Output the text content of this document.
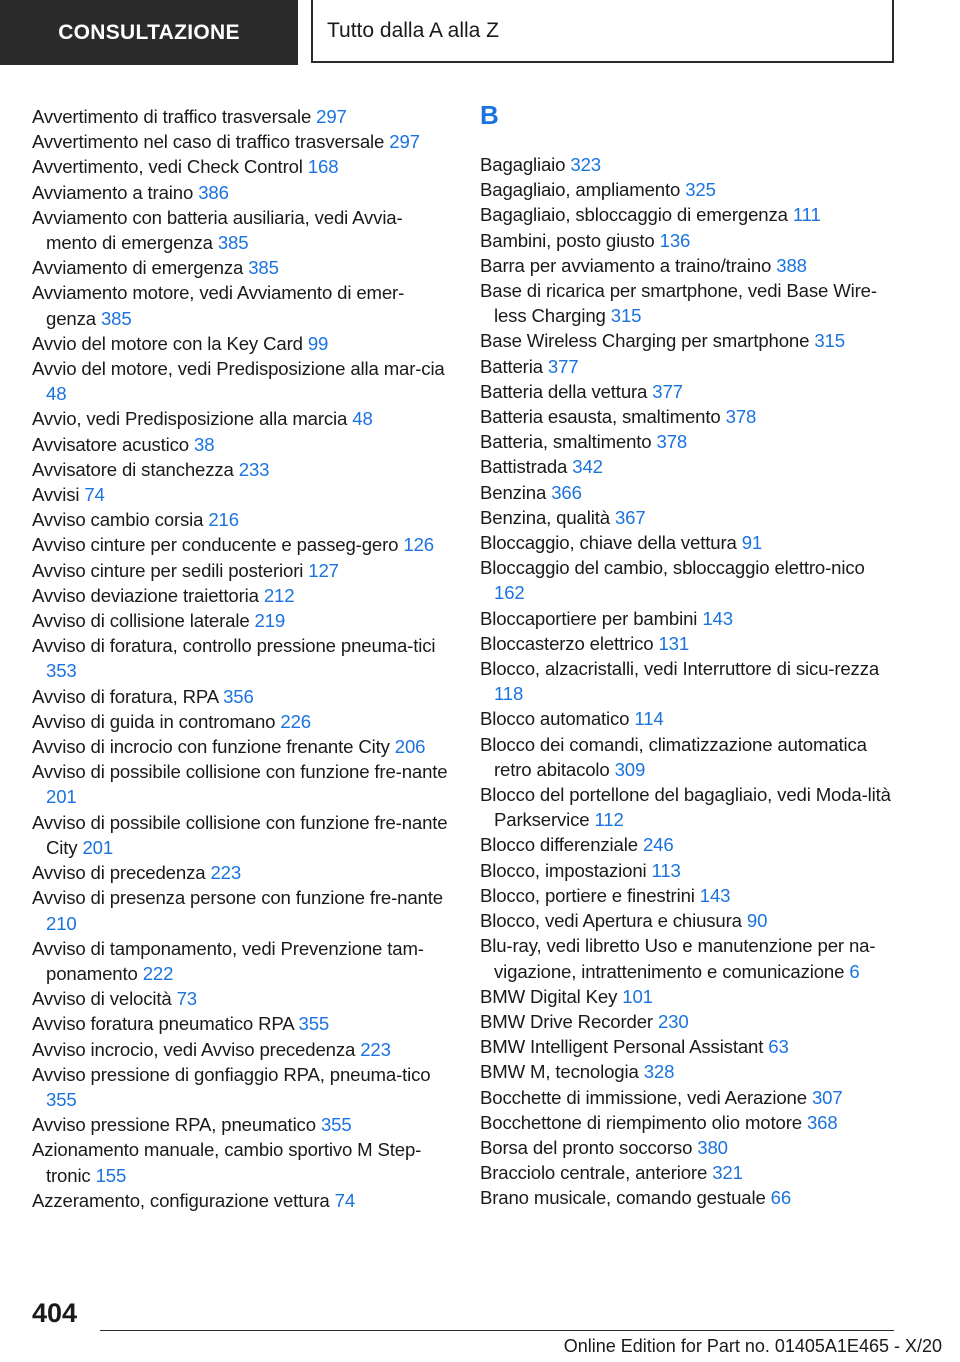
CONSULTAZIONE	Tutto dalla A alla Z
Avvertimento di traffico trasversale 297
Avvertimento nel caso di traffico trasversale 297
Avvertimento, vedi Check Control 168
Avviamento a traino 386
Avviamento con batteria ausiliaria, vedi Avvia-mento di emergenza 385
Avviamento di emergenza 385
Avviamento motore, vedi Avviamento di emer-genza 385
Avvio del motore con la Key Card 99
Avvio del motore, vedi Predisposizione alla mar-cia 48
Avvio, vedi Predisposizione alla marcia 48
Avvisatore acustico 38
Avvisatore di stanchezza 233
Avvisi 74
Avviso cambio corsia 216
Avviso cinture per conducente e passeg-gero 126
Avviso cinture per sedili posteriori 127
Avviso deviazione traiettoria 212
Avviso di collisione laterale 219
Avviso di foratura, controllo pressione pneuma-tici 353
Avviso di foratura, RPA 356
Avviso di guida in contromano 226
Avviso di incrocio con funzione frenante City 206
Avviso di possibile collisione con funzione fre-nante 201
Avviso di possibile collisione con funzione fre-nante City 201
Avviso di precedenza 223
Avviso di presenza persone con funzione fre-nante 210
Avviso di tamponamento, vedi Prevenzione tam-ponamento 222
Avviso di velocità 73
Avviso foratura pneumatico RPA 355
Avviso incrocio, vedi Avviso precedenza 223
Avviso pressione di gonfiaggio RPA, pneuma-tico 355
Avviso pressione RPA, pneumatico 355
Azionamento manuale, cambio sportivo M Step-tronic 155
Azzeramento, configurazione vettura 74
B
Bagagliaio 323
Bagagliaio, ampliamento 325
Bagagliaio, sbloccaggio di emergenza 111
Bambini, posto giusto 136
Barra per avviamento a traino/traino 388
Base di ricarica per smartphone, vedi Base Wire-less Charging 315
Base Wireless Charging per smartphone 315
Batteria 377
Batteria della vettura 377
Batteria esausta, smaltimento 378
Batteria, smaltimento 378
Battistrada 342
Benzina 366
Benzina, qualità 367
Bloccaggio, chiave della vettura 91
Bloccaggio del cambio, sbloccaggio elettro-nico 162
Bloccaportiere per bambini 143
Bloccasterzo elettrico 131
Blocco, alzacristalli, vedi Interruttore di sicu-rezza 118
Blocco automatico 114
Blocco dei comandi, climatizzazione automatica retro abitacolo 309
Blocco del portellone del bagagliaio, vedi Moda-lità Parkservice 112
Blocco differenziale 246
Blocco, impostazioni 113
Blocco, portiere e finestrini 143
Blocco, vedi Apertura e chiusura 90
Blu-ray, vedi libretto Uso e manutenzione per na-vigazione, intrattenimento e comunicazione 6
BMW Digital Key 101
BMW Drive Recorder 230
BMW Intelligent Personal Assistant 63
BMW M, tecnologia 328
Bocchette di immissione, vedi Aerazione 307
Bocchettone di riempimento olio motore 368
Borsa del pronto soccorso 380
Bracciolo centrale, anteriore 321
Brano musicale, comando gestuale 66
404
Online Edition for Part no. 01405A1E465 - X/20
